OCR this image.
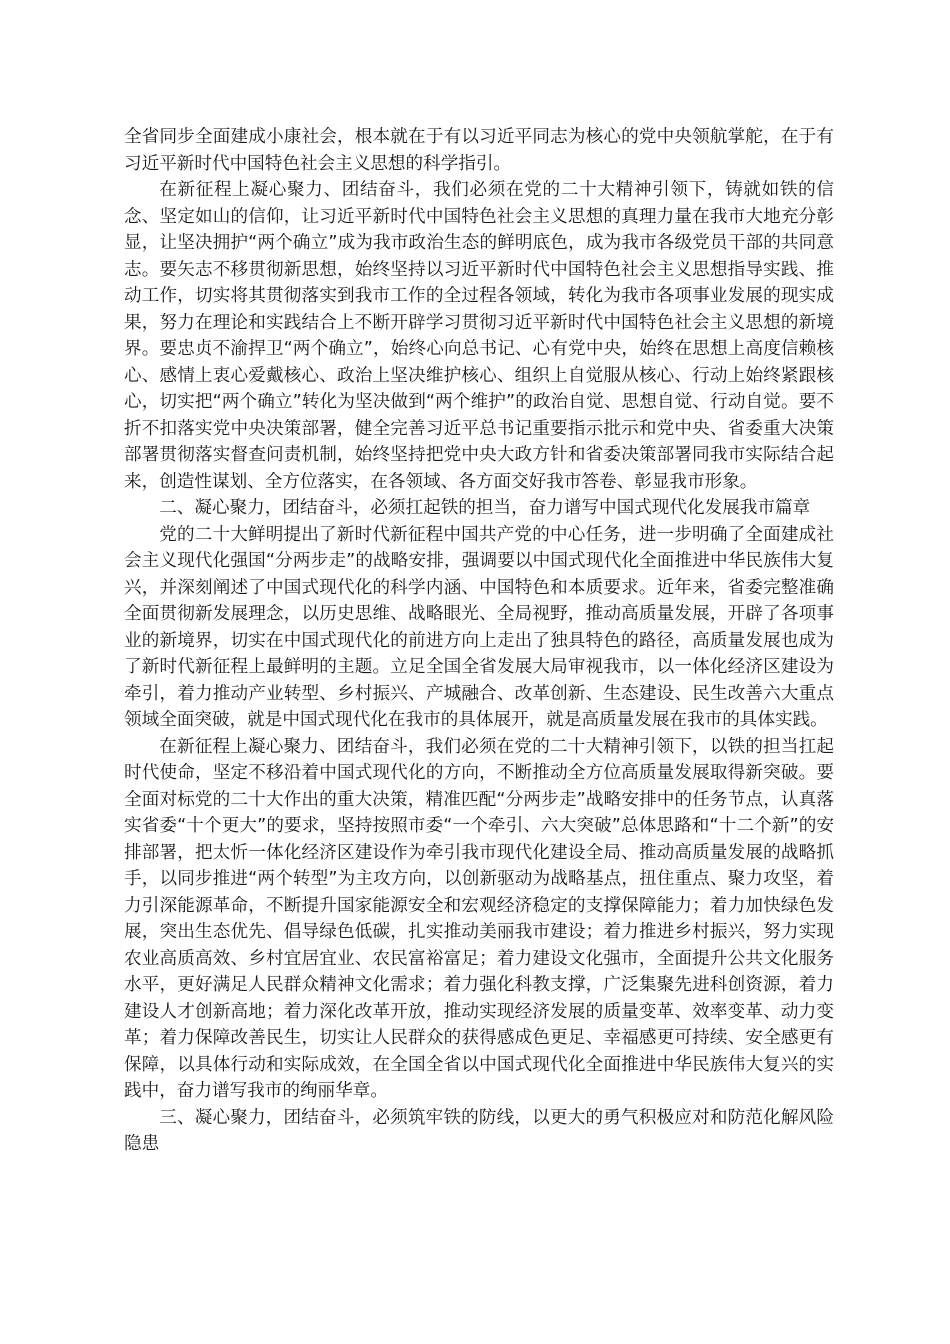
全省同步全面建成小康社会，根本就在于有以习近平同志为核心的党中央领航掌舵，在于有习近平新时代中国特色社会主义思想的科学指引。

在新征程上凝心聚力、团结奋斗，我们必须在党的二十大精神引领下，铸就如铁的信念、坚定如山的信仰，让习近平新时代中国特色社会主义思想的真理力量在我市大地充分彰显，让坚决拥护“两个确立”成为我市政治生态的鲜明底色，成为我市各级党员干部的共同意志。要矢志不移贯彻新思想，始终坚持以习近平新时代中国特色社会主义思想指导实践、推动工作，切实将其贯彻落实到我市工作的全过程各领域，转化为我市各项事业发展的现实成果，努力在理论和实践结合上不断开辟学习贯彻习近平新时代中国特色社会主义思想的新境界。要忠贞不渝捍卫“两个确立”，始终心向总书记、心有党中央，始终在思想上高度信赖核心、感情上衷心爱戴核心、政治上坚决维护核心、组织上自觉服从核心、行动上始终紧跟核心，切实把“两个确立”转化为坚决做到“两个维护”的政治自觉、思想自觉、行动自觉。要不折不扣落实党中央决策部署，健全完善习近平总书记重要指示批示和党中央、省委重大决策部署贯彻落实督查问责机制，始终坚持把党中央大政方针和省委决策部署同我市实际结合起来，创造性谋划、全方位落实，在各领域、各方面交好我市答卷、彰显我市形象。

二、凝心聚力，团结奋斗，必须扛起铁的担当，奋力谱写中国式现代化发展我市篇章

党的二十大鲜明提出了新时代新征程中国共产党的中心任务，进一步明确了全面建成社会主义现代化强国“分两步走”的战略安排，强调要以中国式现代化全面推进中华民族伟大复兴，并深刻阐述了中国式现代化的科学内涵、中国特色和本质要求。近年来，省委完整准确全面贯彻新发展理念，以历史思维、战略眼光、全局视野，推动高质量发展，开辟了各项事业的新境界，切实在中国式现代化的前进方向上走出了独具特色的路径，高质量发展也成为了新时代新征程上最鲜明的主题。立足全国全省发展大局审视我市，以一体化经济区建设为牵引，着力推动产业转型、乡村振兴、产城融合、改革创新、生态建设、民生改善六大重点领域全面突破，就是中国式现代化在我市的具体展开，就是高质量发展在我市的具体实践。

在新征程上凝心聚力、团结奋斗，我们必须在党的二十大精神引领下，以铁的担当扛起时代使命，坚定不移沿着中国式现代化的方向，不断推动全方位高质量发展取得新突破。要全面对标党的二十大作出的重大决策，精准匹配“分两步走”战略安排中的任务节点，认真落实省委“十个更大”的要求，坚持按照市委“一个牵引、六大突破”总体思路和“十二个新”的安排部署，把太忻一体化经济区建设作为牵引我市现代化建设全局、推动高质量发展的战略抓手，以同步推进“两个转型”为主攻方向，以创新驱动为战略基点，扭住重点、聚力攻坚，着力引深能源革命，不断提升国家能源安全和宏观经济稳定的支撑保障能力；着力加快绿色发展，突出生态优先、倡导绿色低碳，扎实推动美丽我市建设；着力推进乡村振兴，努力实现农业高质高效、乡村宜居宜业、农民富裕富足；着力建设文化强市，全面提升公共文化服务水平，更好满足人民群众精神文化需求；着力强化科教支撑，广泛集聚先进科创资源，着力建设人才创新高地；着力深化改革开放，推动实现经济发展的质量变革、效率变革、动力变革；着力保障改善民生，切实让人民群众的获得感成色更足、幸福感更可持续、安全感更有保障，以具体行动和实际成效，在全国全省以中国式现代化全面推进中华民族伟大复兴的实践中，奋力谱写我市的绚丽华章。

三、凝心聚力，团结奋斗，必须筑牢铁的防线，以更大的勇气积极应对和防范化解风险隐患
